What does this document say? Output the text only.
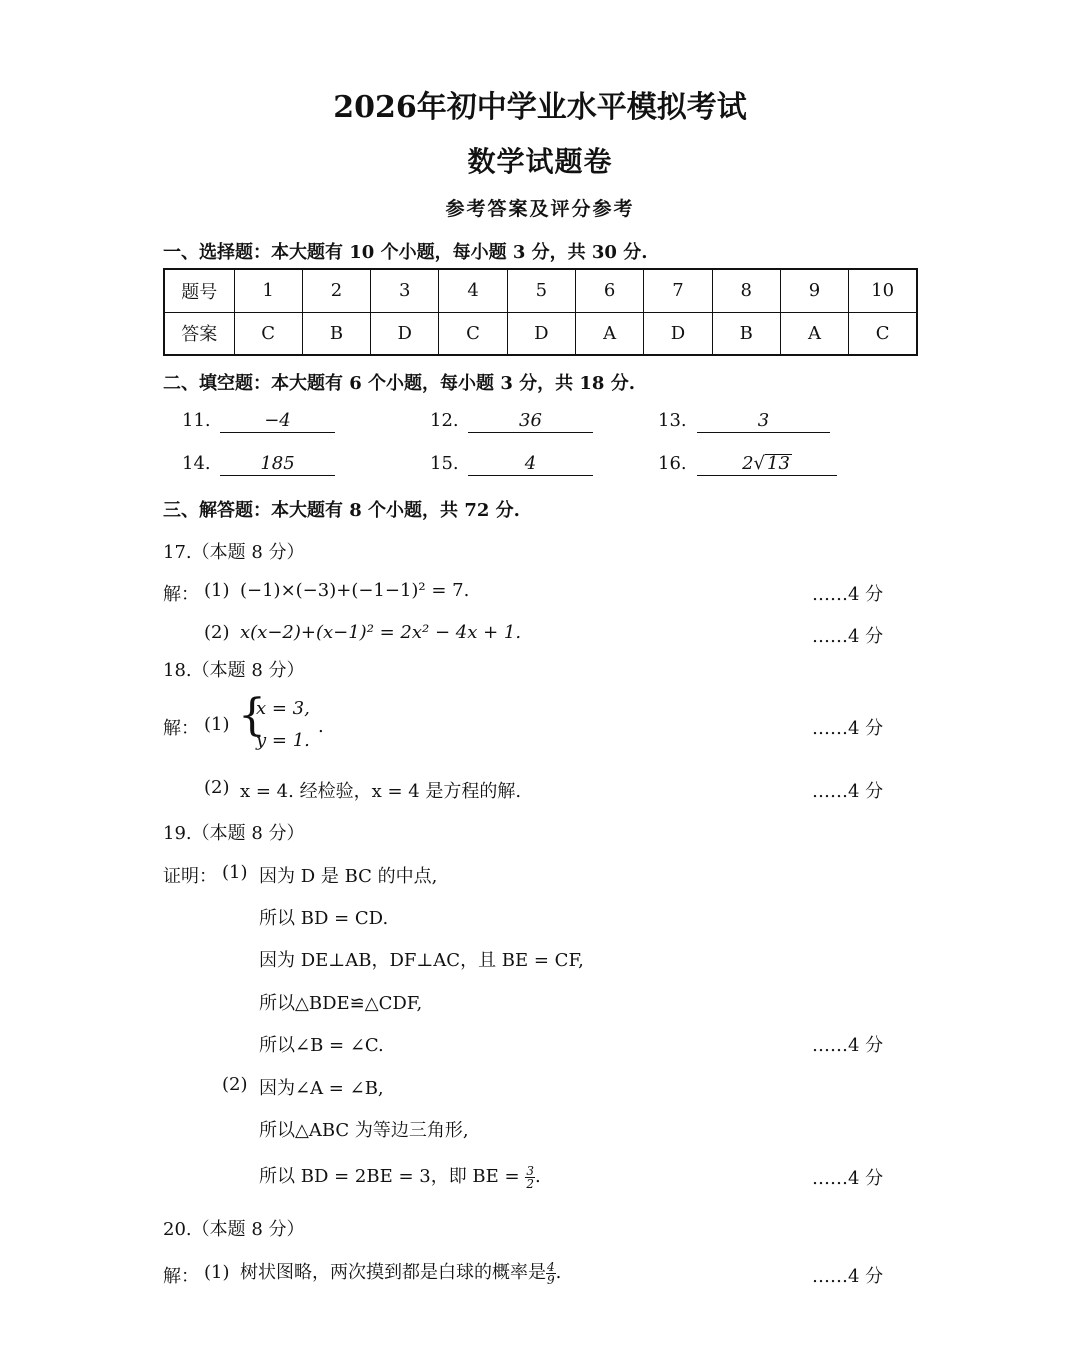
2026年初中学业水平模拟考试
数学试题卷
参考答案及评分参考
一、选择题：本大题有 10 个小题，每小题 3 分，共 30 分.
题号	1	2	3	4	5	6	7	8	9	10
答案	C	B	D	C	D	A	D	B	A	C
二、填空题：本大题有 6 个小题，每小题 3 分，共 18 分.
11.	−4	12.	36	13.	3
14.	185	15.	4	16.	2√ 13
三、解答题：本大题有 8 个小题，共 72 分.
17.（本题 8 分）
解： (1) (−1)×(−3)+(−1−1)² = 7.	……4 分
(2) x(x−2)+(x−1)² = 2x² − 4x + 1.	……4 分
18.（本题 8 分）
解： (1) {
x = 3,
y = 1.
.	……4 分
(2) x = 4. 经检验，x = 4 是方程的解.	……4 分
19.（本题 8 分）
证明： (1) 因为 D 是 BC 的中点,
所以 BD = CD.
因为 DE⊥AB，DF⊥AC，且 BE = CF,
所以△BDE≌△CDF,
所以∠B = ∠C.	……4 分
(2) 因为∠A = ∠B,
所以△ABC 为等边三角形,
所以 BD = 2BE = 3，即 BE = $\frac{3}{2}$ .	……4 分
20.（本题 8 分）
解： (1) 树状图略，两次摸到都是白球的概率是 $\frac{4}{9}$ .	……4 分
